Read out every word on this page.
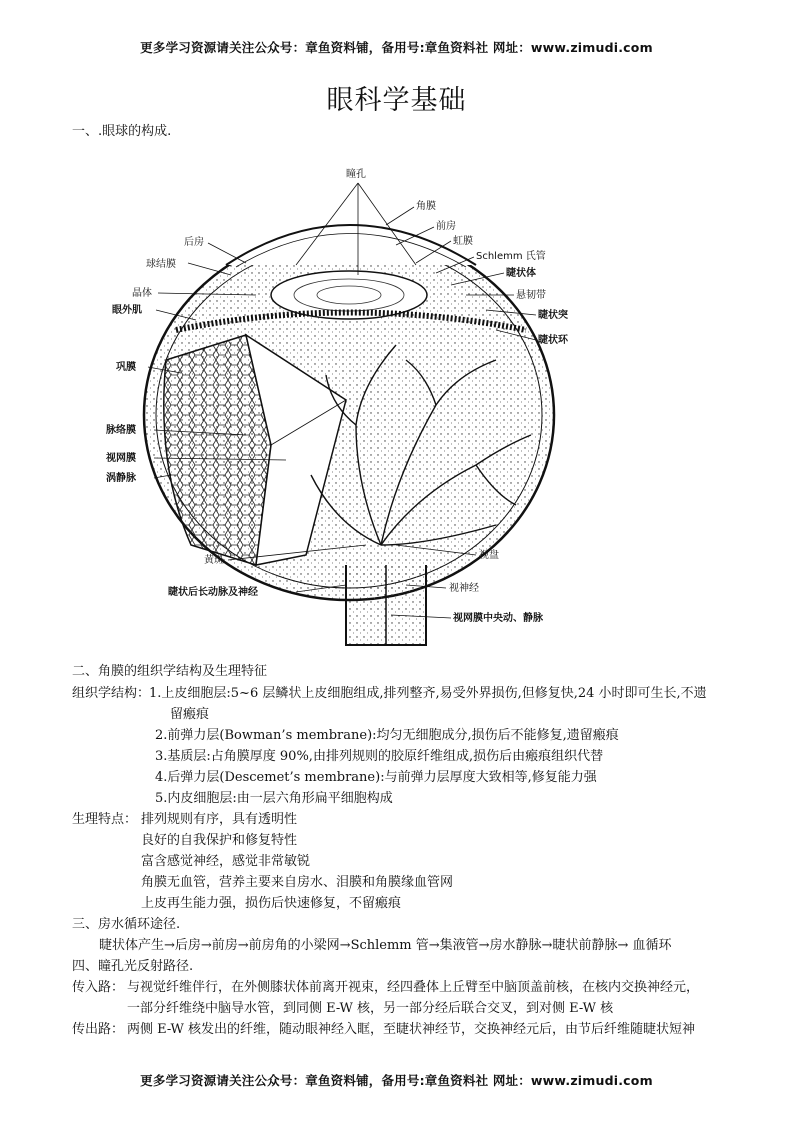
更多学习资源请关注公众号：章鱼资料铺，备用号:章鱼资料社 网址：www.zimudi.com
眼科学基础
一、.眼球的构成.
瞳孔
角膜
前房
虹膜
Schlemm 氏管
睫状体
悬韧带
睫状突
睫状环
后房
球结膜
晶体
眼外肌
巩膜
脉络膜
视网膜
涡静脉
黄斑	视盘
睫状后长动脉及神经	视神经
视网膜中央动、静脉
二、角膜的组织学结构及生理特征
组织学结构：
1.上皮细胞层:5~6 层鳞状上皮细胞组成,排列整齐,易受外界损伤,但修复快,24 小时即可生长,不遗
留瘢痕
2.前弹力层(Bowman’s membrane):均匀无细胞成分,损伤后不能修复,遗留瘢痕
3.基质层:占角膜厚度 90%,由排列规则的胶原纤维组成,损伤后由瘢痕组织代替
4.后弹力层(Descemet’s membrane):与前弹力层厚度大致相等,修复能力强
5.内皮细胞层:由一层六角形扁平细胞构成
生理特点： 排列规则有序，具有透明性
良好的自我保护和修复特性
富含感觉神经，感觉非常敏锐
角膜无血管，营养主要来自房水、泪膜和角膜缘血管网
上皮再生能力强，损伤后快速修复，不留瘢痕
三、房水循环途径.
睫状体产生→后房→前房→前房角的小梁网→Schlemm 管→集液管→房水静脉→睫状前静脉→ 血循环
四、瞳孔光反射路径.
传入路： 与视觉纤维伴行，在外侧膝状体前离开视束，经四叠体上丘臂至中脑顶盖前核，在核内交换神经元，
一部分纤维绕中脑导水管，到同侧 E-W 核，另一部分经后联合交叉，到对侧 E-W 核
传出路： 两侧 E-W 核发出的纤维，随动眼神经入眶，至睫状神经节，交换神经元后，由节后纤维随睫状短神
更多学习资源请关注公众号：章鱼资料铺，备用号:章鱼资料社 网址：www.zimudi.com
